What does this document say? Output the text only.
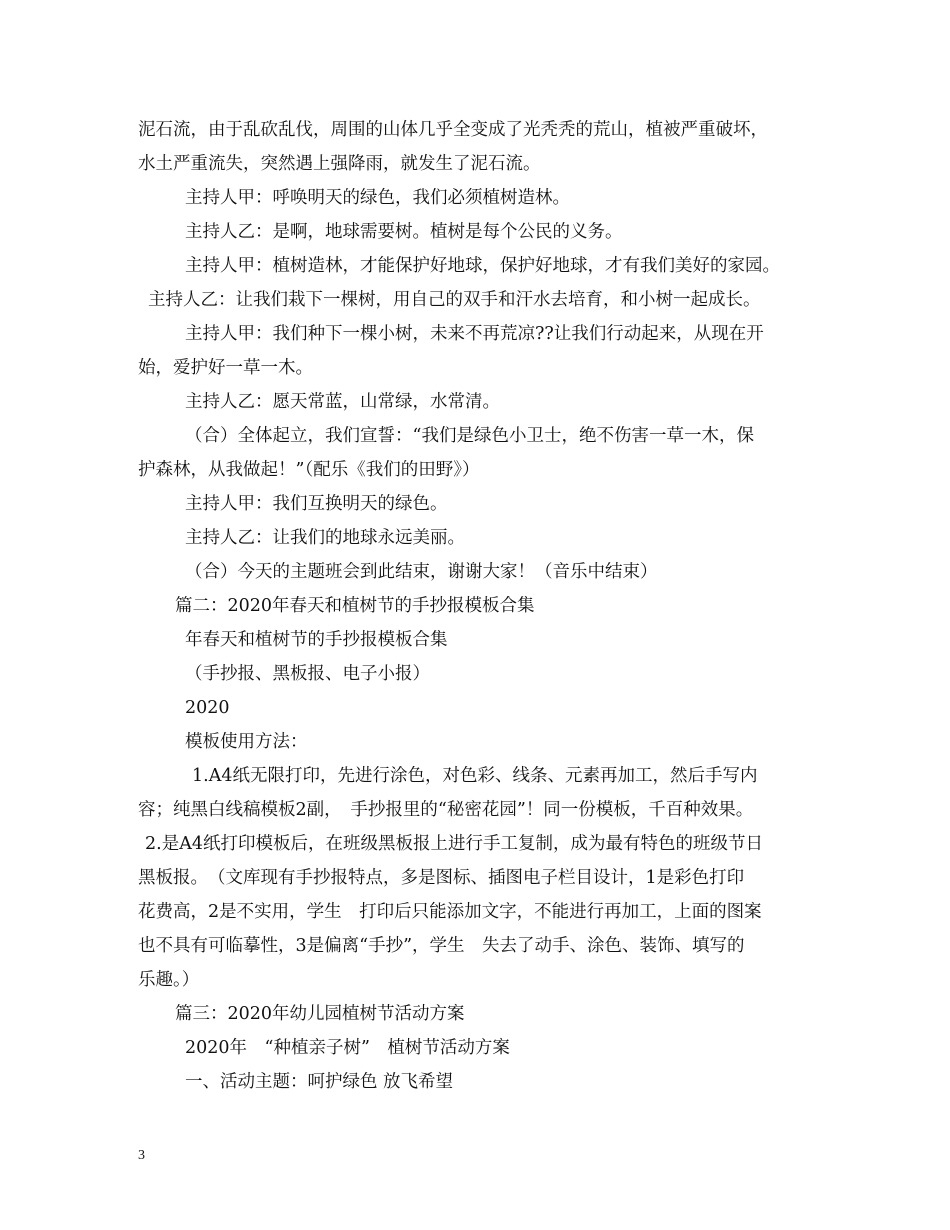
泥石流，由于乱砍乱伐，周围的山体几乎全变成了光秃秃的荒山，植被严重破坏，
水土严重流失，突然遇上强降雨，就发生了泥石流。
主持人甲：呼唤明天的绿色，我们必须植树造林。
主持人乙：是啊，地球需要树。植树是每个公民的义务。
主持人甲：植树造林，才能保护好地球，保护好地球，才有我们美好的家园。
主持人乙：让我们栽下一棵树，用自己的双手和汗水去培育，和小树一起成长。
主持人甲：我们种下一棵小树，未来不再荒凉??让我们行动起来，从现在开
始，爱护好一草一木。
主持人乙：愿天常蓝，山常绿，水常清。
（合）全体起立，我们宣誓：“我们是绿色小卫士，绝不伤害一草一木，保
护森林，从我做起！”（配乐《我们的田野》）
主持人甲：我们互换明天的绿色。
主持人乙：让我们的地球永远美丽。
（合）今天的主题班会到此结束，谢谢大家！（音乐中结束）
篇二：2020年春天和植树节的手抄报模板合集
年春天和植树节的手抄报模板合集
（手抄报、黑板报、电子小报）
2020
模板使用方法：
1.A4纸无限打印，先进行涂色，对色彩、线条、元素再加工，然后手写内
容；纯黑白线稿模板2副，　手抄报里的“秘密花园”！同一份模板，千百种效果。
2.是A4纸打印模板后，在班级黑板报上进行手工复制，成为最有特色的班级节日
黑板报。　（文库现有手抄报特点，多是图标、插图电子栏目设计，1是彩色打印
花费高，2是不实用，学生　打印后只能添加文字，不能进行再加工，上面的图案
也不具有可临摹性，3是偏离“手抄”，学生　失去了动手、涂色、装饰、填写的
乐趣。）
篇三：2020年幼儿园植树节活动方案
2020年　“种植亲子树”　植树节活动方案
一、活动主题：呵护绿色 放飞希望
3
